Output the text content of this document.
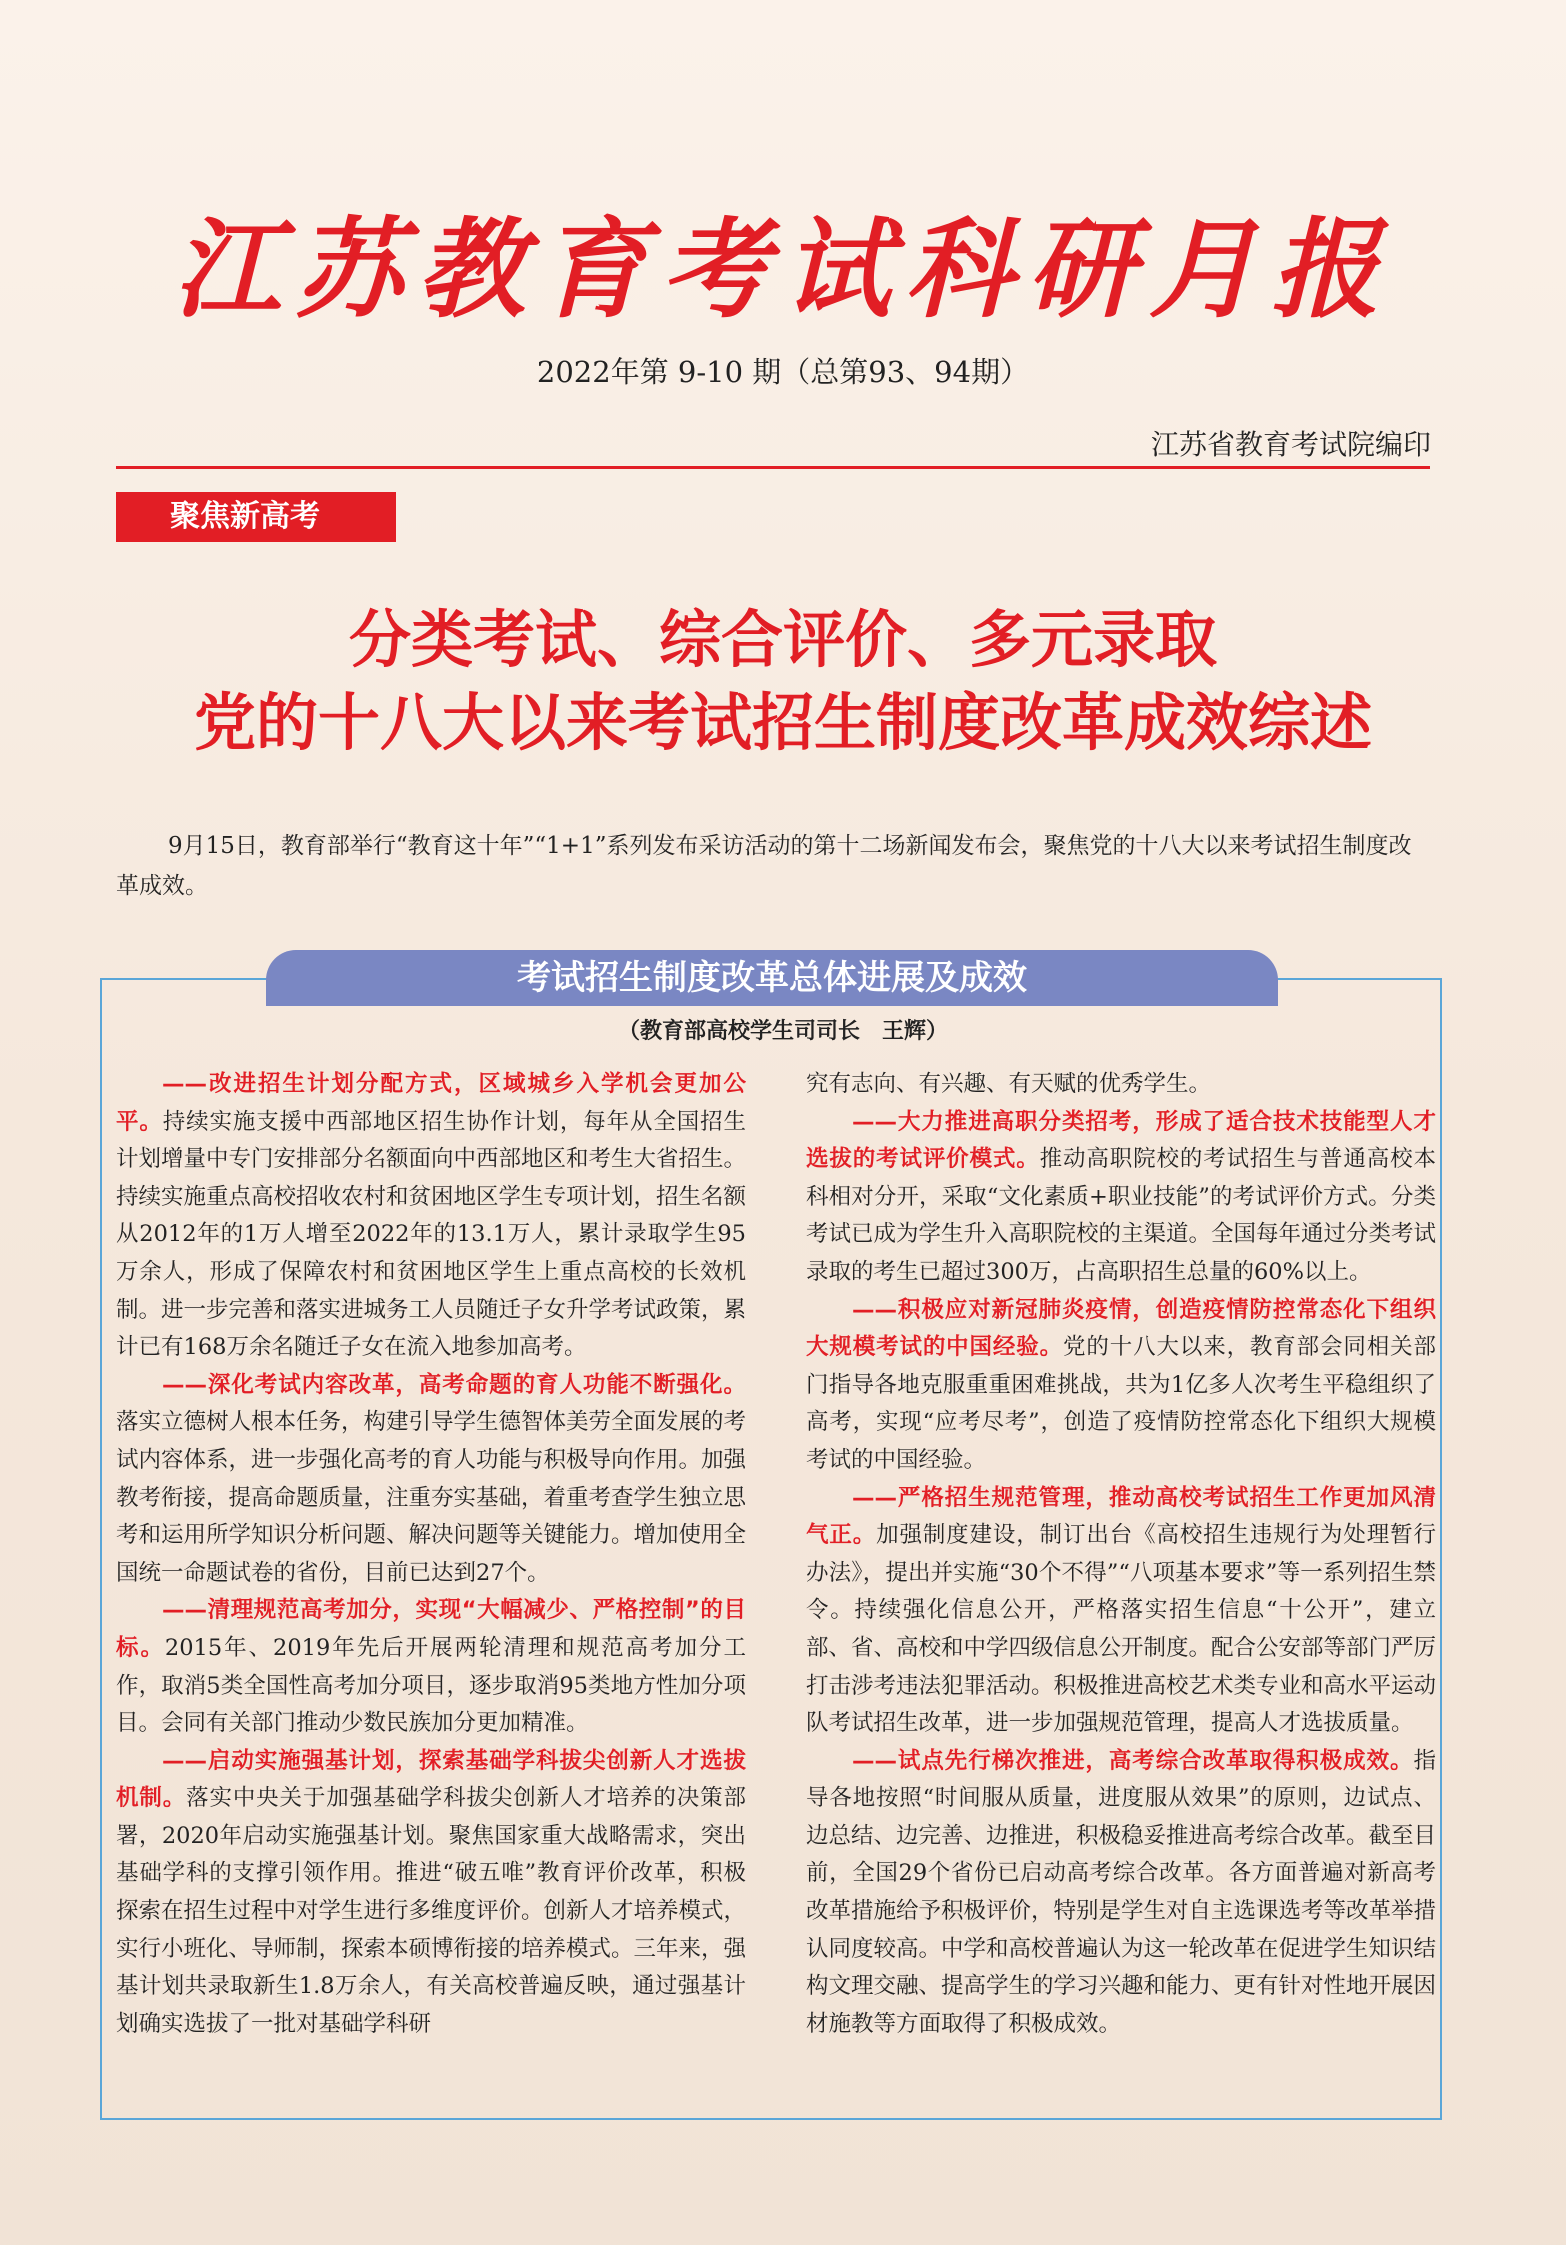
江苏教育考试科研月报
2022年第 9-10 期（总第93、94期）
江苏省教育考试院编印
聚焦新高考
分类考试、综合评价、多元录取
党的十八大以来考试招生制度改革成效综述
9月15日，教育部举行“教育这十年”“1+1”系列发布采访活动的第十二场新闻发布会，聚焦党的十八大以来考试招生制度改革成效。
考试招生制度改革总体进展及成效
（教育部高校学生司司长　王辉）

——改进招生计划分配方式，区域城乡入学机会更加公平。持续实施支援中西部地区招生协作计划，每年从全国招生计划增量中专门安排部分名额面向中西部地区和考生大省招生。持续实施重点高校招收农村和贫困地区学生专项计划，招生名额从2012年的1万人增至2022年的13.1万人，累计录取学生95万余人，形成了保障农村和贫困地区学生上重点高校的长效机制。进一步完善和落实进城务工人员随迁子女升学考试政策，累计已有168万余名随迁子女在流入地参加高考。

——深化考试内容改革，高考命题的育人功能不断强化。落实立德树人根本任务，构建引导学生德智体美劳全面发展的考试内容体系，进一步强化高考的育人功能与积极导向作用。加强教考衔接，提高命题质量，注重夯实基础，着重考查学生独立思考和运用所学知识分析问题、解决问题等关键能力。增加使用全国统一命题试卷的省份，目前已达到27个。

——清理规范高考加分，实现“大幅减少、严格控制”的目标。2015年、2019年先后开展两轮清理和规范高考加分工作，取消5类全国性高考加分项目，逐步取消95类地方性加分项目。会同有关部门推动少数民族加分更加精准。

——启动实施强基计划，探索基础学科拔尖创新人才选拔机制。落实中央关于加强基础学科拔尖创新人才培养的决策部署，2020年启动实施强基计划。聚焦国家重大战略需求，突出基础学科的支撑引领作用。推进“破五唯”教育评价改革，积极探索在招生过程中对学生进行多维度评价。创新人才培养模式，实行小班化、导师制，探索本硕博衔接的培养模式。三年来，强基计划共录取新生1.8万余人，有关高校普遍反映，通过强基计划确实选拔了一批对基础学科研

究有志向、有兴趣、有天赋的优秀学生。

——大力推进高职分类招考，形成了适合技术技能型人才选拔的考试评价模式。推动高职院校的考试招生与普通高校本科相对分开，采取“文化素质+职业技能”的考试评价方式。分类考试已成为学生升入高职院校的主渠道。全国每年通过分类考试录取的考生已超过300万，占高职招生总量的60%以上。

——积极应对新冠肺炎疫情，创造疫情防控常态化下组织大规模考试的中国经验。党的十八大以来，教育部会同相关部门指导各地克服重重困难挑战，共为1亿多人次考生平稳组织了高考，实现“应考尽考”，创造了疫情防控常态化下组织大规模考试的中国经验。

——严格招生规范管理，推动高校考试招生工作更加风清气正。加强制度建设，制订出台《高校招生违规行为处理暂行办法》，提出并实施“30个不得”“八项基本要求”等一系列招生禁令。持续强化信息公开，严格落实招生信息“十公开”，建立部、省、高校和中学四级信息公开制度。配合公安部等部门严厉打击涉考违法犯罪活动。积极推进高校艺术类专业和高水平运动队考试招生改革，进一步加强规范管理，提高人才选拔质量。

——试点先行梯次推进，高考综合改革取得积极成效。指导各地按照“时间服从质量，进度服从效果”的原则，边试点、边总结、边完善、边推进，积极稳妥推进高考综合改革。截至目前，全国29个省份已启动高考综合改革。各方面普遍对新高考改革措施给予积极评价，特别是学生对自主选课选考等改革举措认同度较高。中学和高校普遍认为这一轮改革在促进学生知识结构文理交融、提高学生的学习兴趣和能力、更有针对性地开展因材施教等方面取得了积极成效。
